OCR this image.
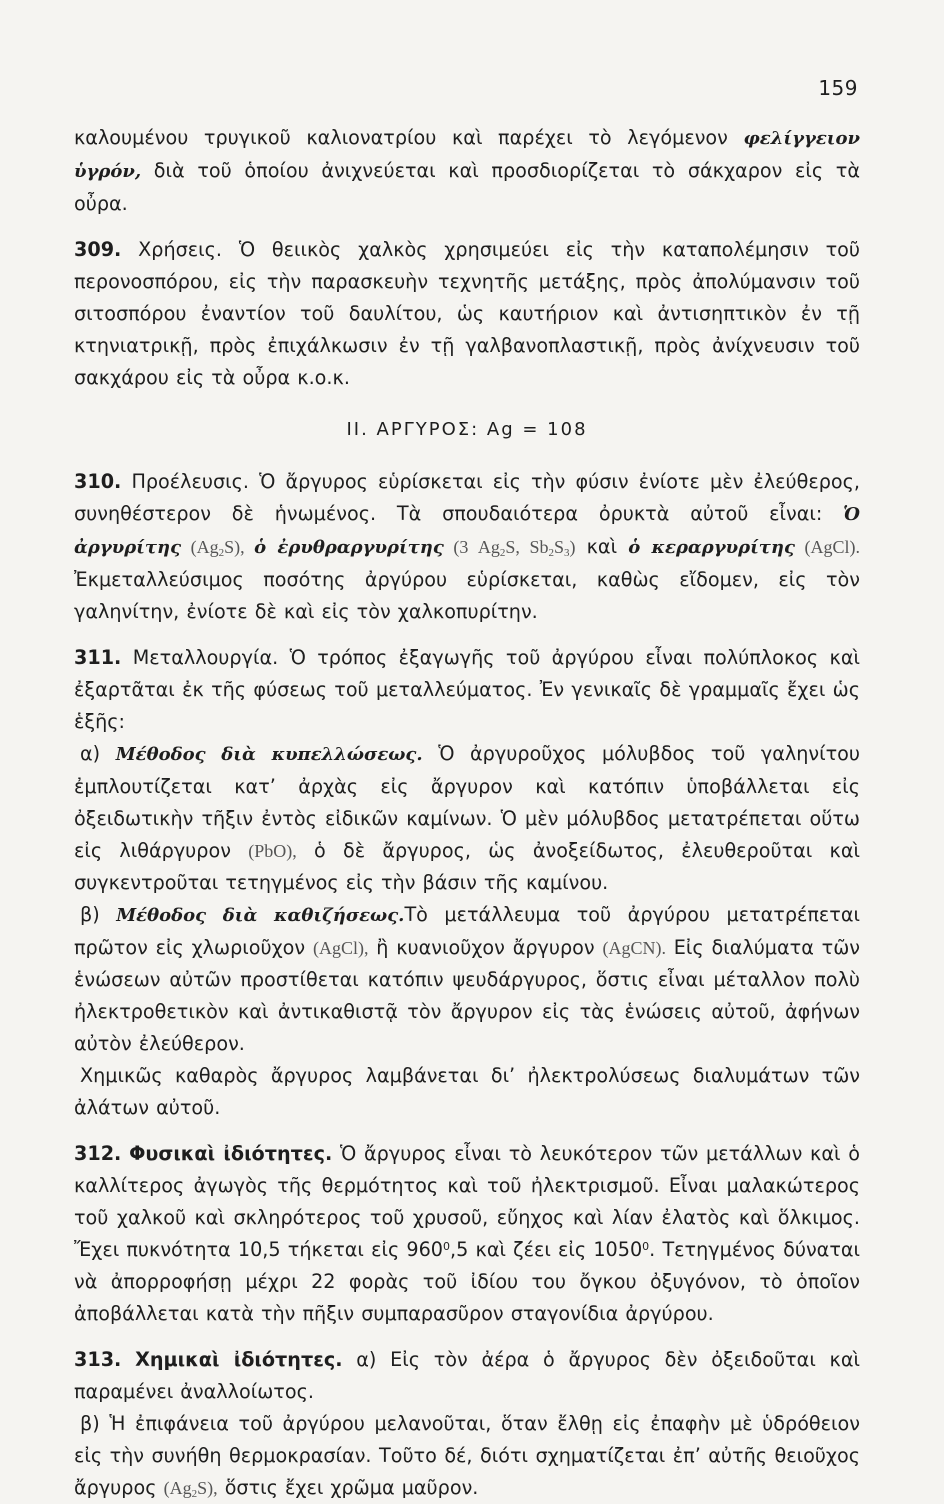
159

καλουμένου τρυγικοῦ καλιονατρίου καὶ παρέχει τὸ λεγόμενον φελίγγειον ὑγρόν, διὰ τοῦ ὁποίου ἀνιχνεύεται καὶ προσδιορίζεται τὸ σάκχαρον εἰς τὰ οὖρα.

309. Χρήσεις. Ὁ θειικὸς χαλκὸς χρησιμεύει εἰς τὴν καταπολέμησιν τοῦ περονοσπόρου, εἰς τὴν παρασκευὴν τεχνητῆς μετάξης, πρὸς ἀπολύμανσιν τοῦ σιτοσπόρου ἐναντίον τοῦ δαυλίτου, ὡς καυτήριον καὶ ἀντισηπτικὸν ἐν τῇ κτηνιατρικῇ, πρὸς ἐπιχάλκωσιν ἐν τῇ γαλβανοπλαστικῇ, πρὸς ἀνίχνευσιν τοῦ σακχάρου εἰς τὰ οὖρα κ.ο.κ.

II. ΑΡΓΥΡΟΣ: Ag = 108

310. Προέλευσις. Ὁ ἄργυρος εὑρίσκεται εἰς τὴν φύσιν ἐνίοτε μὲν ἐλεύθερος, συνηθέστερον δὲ ἡνωμένος. Τὰ σπουδαιότερα ὀρυκτὰ αὐτοῦ εἶναι: Ὁ ἀργυρίτης $(Ag_2S)$, ὁ ἐρυθραργυρίτης (3 $Ag_2S$, $Sb_2S_3$) καὶ ὁ κεραργυρίτης (AgCl). Ἐκμεταλλεύσιμος ποσότης ἀργύρου εὑρίσκεται, καθὼς εἴδομεν, εἰς τὸν γαληνίτην, ἐνίοτε δὲ καὶ εἰς τὸν χαλκοπυρίτην.

311. Μεταλλουργία. Ὁ τρόπος ἐξαγωγῆς τοῦ ἀργύρου εἶναι πολύπλοκος καὶ ἐξαρτᾶται ἐκ τῆς φύσεως τοῦ μεταλλεύματος. Ἐν γενικαῖς δὲ γραμμαῖς ἔχει ὡς ἑξῆς:

α) Μέθοδος διὰ κυπελλώσεως. Ὁ ἀργυροῦχος μόλυβδος τοῦ γαληνίτου ἐμπλουτίζεται κατ’ ἀρχὰς εἰς ἄργυρον καὶ κατόπιν ὑποβάλλεται εἰς ὀξειδωτικὴν τῆξιν ἐντὸς εἰδικῶν καμίνων. Ὁ μὲν μόλυβδος μετατρέπεται οὕτω εἰς λιθάργυρον (PbO), ὁ δὲ ἄργυρος, ὡς ἀνοξείδωτος, ἐλευθεροῦται καὶ συγκεντροῦται τετηγμένος εἰς τὴν βάσιν τῆς καμίνου.

β) Μέθοδος διὰ καθιζήσεως.Τὸ μετάλλευμα τοῦ ἀργύρου μετατρέπεται πρῶτον εἰς χλωριοῦχον (AgCl), ἢ κυανιοῦχον ἄργυρον (AgCN). Εἰς διαλύματα τῶν ἑνώσεων αὐτῶν προστίθεται κατόπιν ψευδάργυρος, ὅστις εἶναι μέταλλον πολὺ ἠλεκτροθετικὸν καὶ ἀντικαθιστᾷ τὸν ἄργυρον εἰς τὰς ἑνώσεις αὐτοῦ, ἀφήνων αὐτὸν ἐλεύθερον.

Χημικῶς καθαρὸς ἄργυρος λαμβάνεται δι’ ἠλεκτρολύσεως διαλυμάτων τῶν ἀλάτων αὐτοῦ.

312. Φυσικαὶ ἰδιότητες. Ὁ ἄργυρος εἶναι τὸ λευκότερον τῶν μετάλλων καὶ ὁ καλλίτερος ἀγωγὸς τῆς θερμότητος καὶ τοῦ ἠλεκτρισμοῦ. Εἶναι μαλακώτερος τοῦ χαλκοῦ καὶ σκληρότερος τοῦ χρυσοῦ, εὔηχος καὶ λίαν ἐλατὸς καὶ ὅλκιμος. Ἔχει πυκνότητα 10,5 τήκεται εἰς $960^0,5$ καὶ ζέει εἰς 1050$^0$. Τετηγμένος δύναται νὰ ἀπορροφήσῃ μέχρι 22 φορὰς τοῦ ἰδίου του ὄγκου ὀξυγόνον, τὸ ὁποῖον ἀποβάλλεται κατὰ τὴν πῆξιν συμπαρασῦρον σταγονίδια ἀργύρου.

313. Χημικαὶ ἰδιότητες. α) Εἰς τὸν ἀέρα ὁ ἄργυρος δὲν ὀξειδοῦται καὶ παραμένει ἀναλλοίωτος.

β) Ἡ ἐπιφάνεια τοῦ ἀργύρου μελανοῦται, ὅταν ἔλθῃ εἰς ἐπαφὴν μὲ ὑδρόθειον εἰς τὴν συνήθη θερμοκρασίαν. Τοῦτο δέ, διότι σχηματίζεται ἐπ’ αὐτῆς θειοῦχος ἄργυρος $(Ag_2S)$, ὅστις ἔχει χρῶμα μαῦρον.
